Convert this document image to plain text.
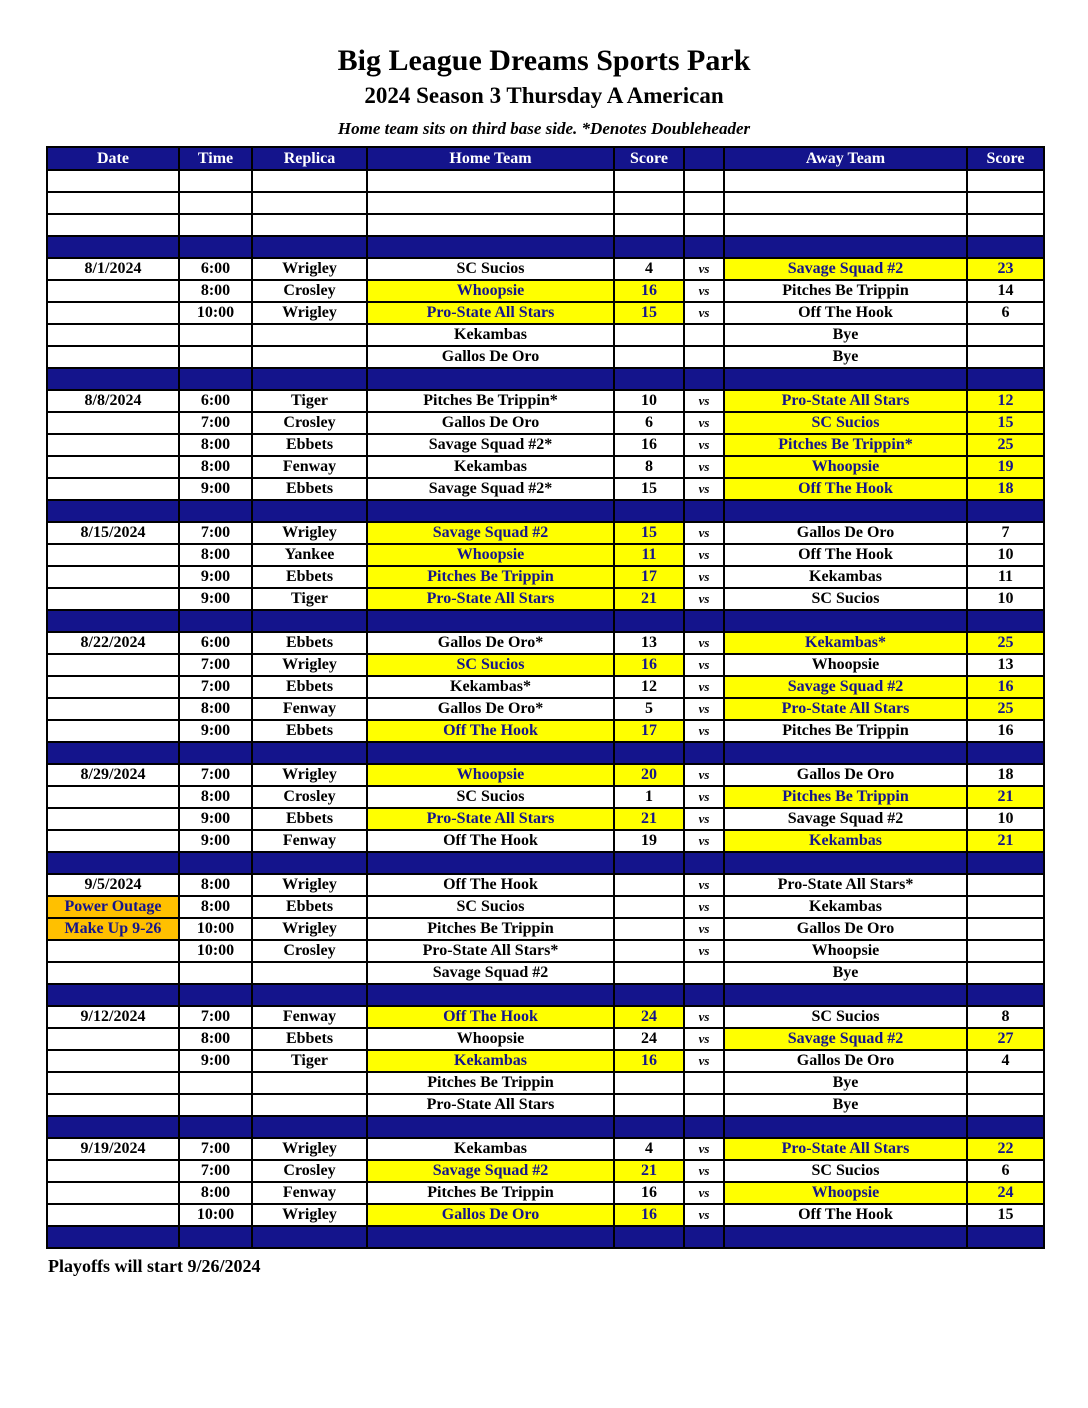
Big League Dreams Sports Park
2024 Season 3 Thursday A American
Home team sits on third base side. *Denotes Doubleheader
Date	Time	Replica	Home Team	Score		Away Team	Score

8/1/2024	6:00	Wrigley	SC Sucios	4	vs	Savage Squad #2	23
	8:00	Crosley	Whoopsie	16	vs	Pitches Be Trippin	14
	10:00	Wrigley	Pro-State All Stars	15	vs	Off The Hook	6
			Kekambas			Bye	
			Gallos De Oro			Bye	

8/8/2024	6:00	Tiger	Pitches Be Trippin*	10	vs	Pro-State All Stars	12
	7:00	Crosley	Gallos De Oro	6	vs	SC Sucios	15
	8:00	Ebbets	Savage Squad #2*	16	vs	Pitches Be Trippin*	25
	8:00	Fenway	Kekambas	8	vs	Whoopsie	19
	9:00	Ebbets	Savage Squad #2*	15	vs	Off The Hook	18

8/15/2024	7:00	Wrigley	Savage Squad #2	15	vs	Gallos De Oro	7
	8:00	Yankee	Whoopsie	11	vs	Off The Hook	10
	9:00	Ebbets	Pitches Be Trippin	17	vs	Kekambas	11
	9:00	Tiger	Pro-State All Stars	21	vs	SC Sucios	10

8/22/2024	6:00	Ebbets	Gallos De Oro*	13	vs	Kekambas*	25
	7:00	Wrigley	SC Sucios	16	vs	Whoopsie	13
	7:00	Ebbets	Kekambas*	12	vs	Savage Squad #2	16
	8:00	Fenway	Gallos De Oro*	5	vs	Pro-State All Stars	25
	9:00	Ebbets	Off The Hook	17	vs	Pitches Be Trippin	16

8/29/2024	7:00	Wrigley	Whoopsie	20	vs	Gallos De Oro	18
	8:00	Crosley	SC Sucios	1	vs	Pitches Be Trippin	21
	9:00	Ebbets	Pro-State All Stars	21	vs	Savage Squad #2	10
	9:00	Fenway	Off The Hook	19	vs	Kekambas	21

9/5/2024	8:00	Wrigley	Off The Hook		vs	Pro-State All Stars*	
Power Outage	8:00	Ebbets	SC Sucios		vs	Kekambas	
Make Up 9-26	10:00	Wrigley	Pitches Be Trippin		vs	Gallos De Oro	
	10:00	Crosley	Pro-State All Stars*		vs	Whoopsie	
			Savage Squad #2			Bye	

9/12/2024	7:00	Fenway	Off The Hook	24	vs	SC Sucios	8
	8:00	Ebbets	Whoopsie	24	vs	Savage Squad #2	27
	9:00	Tiger	Kekambas	16	vs	Gallos De Oro	4
			Pitches Be Trippin			Bye	
			Pro-State All Stars			Bye	

9/19/2024	7:00	Wrigley	Kekambas	4	vs	Pro-State All Stars	22
	7:00	Crosley	Savage Squad #2	21	vs	SC Sucios	6
	8:00	Fenway	Pitches Be Trippin	16	vs	Whoopsie	24
	10:00	Wrigley	Gallos De Oro	16	vs	Off The Hook	15

Playoffs will start 9/26/2024
